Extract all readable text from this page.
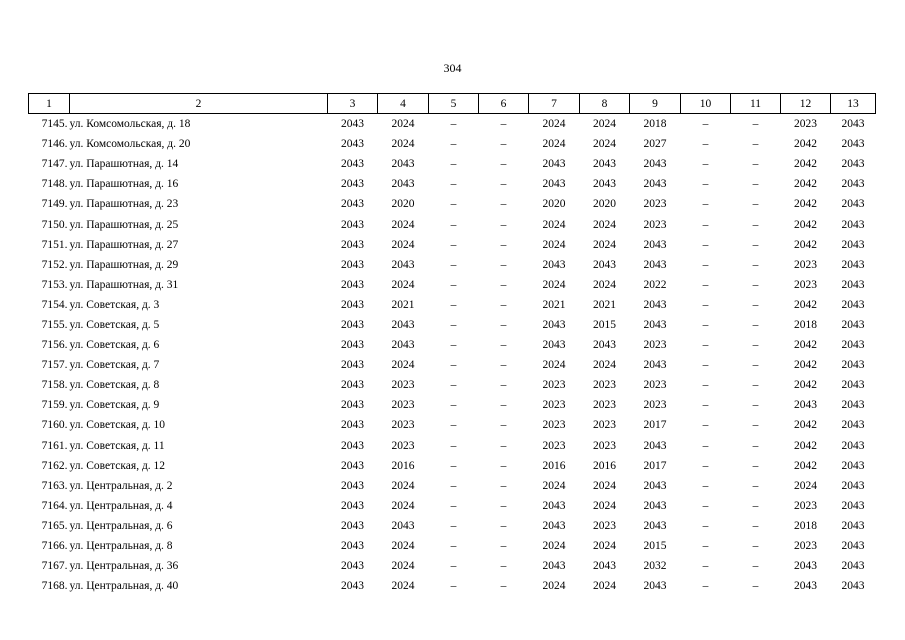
304
1	2	3	4	5	6	7	8	9	10	11	12	13
7145.	ул. Комсомольская, д. 18	2043	2024	–	–	2024	2024	2018	–	–	2023	2043
7146.	ул. Комсомольская, д. 20	2043	2024	–	–	2024	2024	2027	–	–	2042	2043
7147.	ул. Парашютная, д. 14	2043	2043	–	–	2043	2043	2043	–	–	2042	2043
7148.	ул. Парашютная, д. 16	2043	2043	–	–	2043	2043	2043	–	–	2042	2043
7149.	ул. Парашютная, д. 23	2043	2020	–	–	2020	2020	2023	–	–	2042	2043
7150.	ул. Парашютная, д. 25	2043	2024	–	–	2024	2024	2023	–	–	2042	2043
7151.	ул. Парашютная, д. 27	2043	2024	–	–	2024	2024	2043	–	–	2042	2043
7152.	ул. Парашютная, д. 29	2043	2043	–	–	2043	2043	2043	–	–	2023	2043
7153.	ул. Парашютная, д. 31	2043	2024	–	–	2024	2024	2022	–	–	2023	2043
7154.	ул. Советская, д. 3	2043	2021	–	–	2021	2021	2043	–	–	2042	2043
7155.	ул. Советская, д. 5	2043	2043	–	–	2043	2015	2043	–	–	2018	2043
7156.	ул. Советская, д. 6	2043	2043	–	–	2043	2043	2023	–	–	2042	2043
7157.	ул. Советская, д. 7	2043	2024	–	–	2024	2024	2043	–	–	2042	2043
7158.	ул. Советская, д. 8	2043	2023	–	–	2023	2023	2023	–	–	2042	2043
7159.	ул. Советская, д. 9	2043	2023	–	–	2023	2023	2023	–	–	2043	2043
7160.	ул. Советская, д. 10	2043	2023	–	–	2023	2023	2017	–	–	2042	2043
7161.	ул. Советская, д. 11	2043	2023	–	–	2023	2023	2043	–	–	2042	2043
7162.	ул. Советская, д. 12	2043	2016	–	–	2016	2016	2017	–	–	2042	2043
7163.	ул. Центральная, д. 2	2043	2024	–	–	2024	2024	2043	–	–	2024	2043
7164.	ул. Центральная, д. 4	2043	2024	–	–	2043	2024	2043	–	–	2023	2043
7165.	ул. Центральная, д. 6	2043	2043	–	–	2043	2023	2043	–	–	2018	2043
7166.	ул. Центральная, д. 8	2043	2024	–	–	2024	2024	2015	–	–	2023	2043
7167.	ул. Центральная, д. 36	2043	2024	–	–	2043	2043	2032	–	–	2043	2043
7168.	ул. Центральная, д. 40	2043	2024	–	–	2024	2024	2043	–	–	2043	2043
